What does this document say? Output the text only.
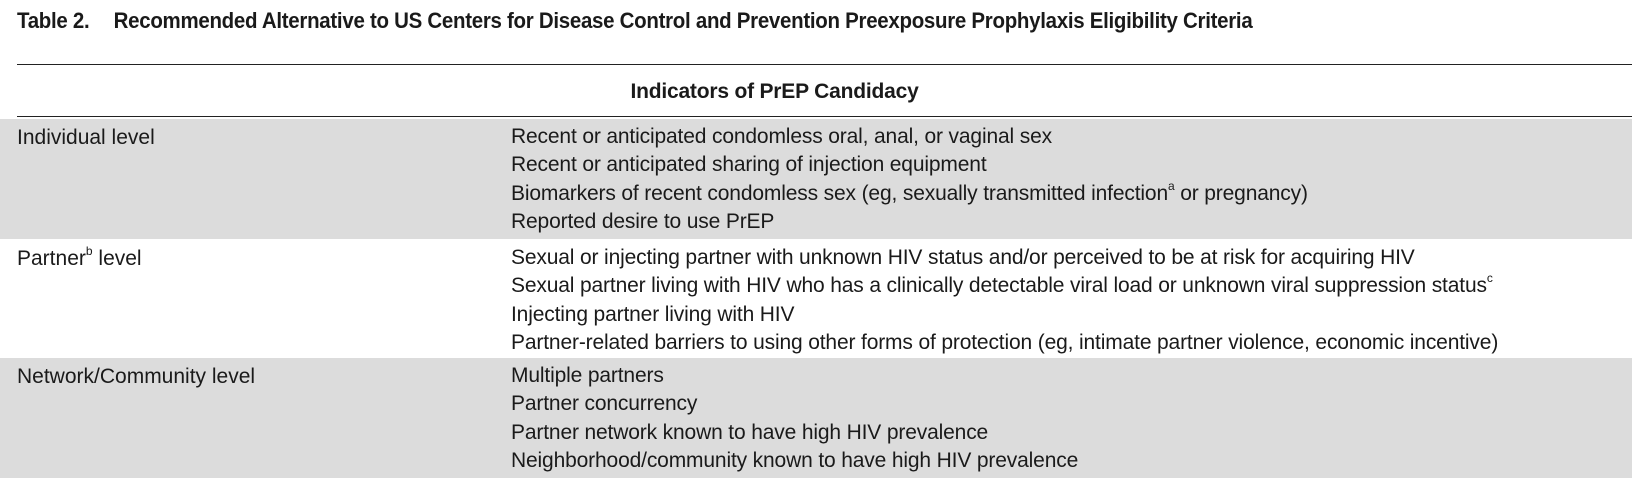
Table 2. Recommended Alternative to US Centers for Disease Control and Prevention Preexposure Prophylaxis Eligibility Criteria
Indicators of PrEP Candidacy
Individual level	Recent or anticipated condomless oral, anal, or vaginal sex
Recent or anticipated sharing of injection equipment
Biomarkers of recent condomless sex (eg, sexually transmitted infection$^a$ or pregnancy)
Reported desire to use PrEP
Partner$^b$ level	Sexual or injecting partner with unknown HIV status and/or perceived to be at risk for acquiring HIV
Sexual partner living with HIV who has a clinically detectable viral load or unknown viral suppression status$^c$
Injecting partner living with HIV
Partner-related barriers to using other forms of protection (eg, intimate partner violence, economic incentive)
Network/Community level	Multiple partners
Partner concurrency
Partner network known to have high HIV prevalence
Neighborhood/community known to have high HIV prevalence
